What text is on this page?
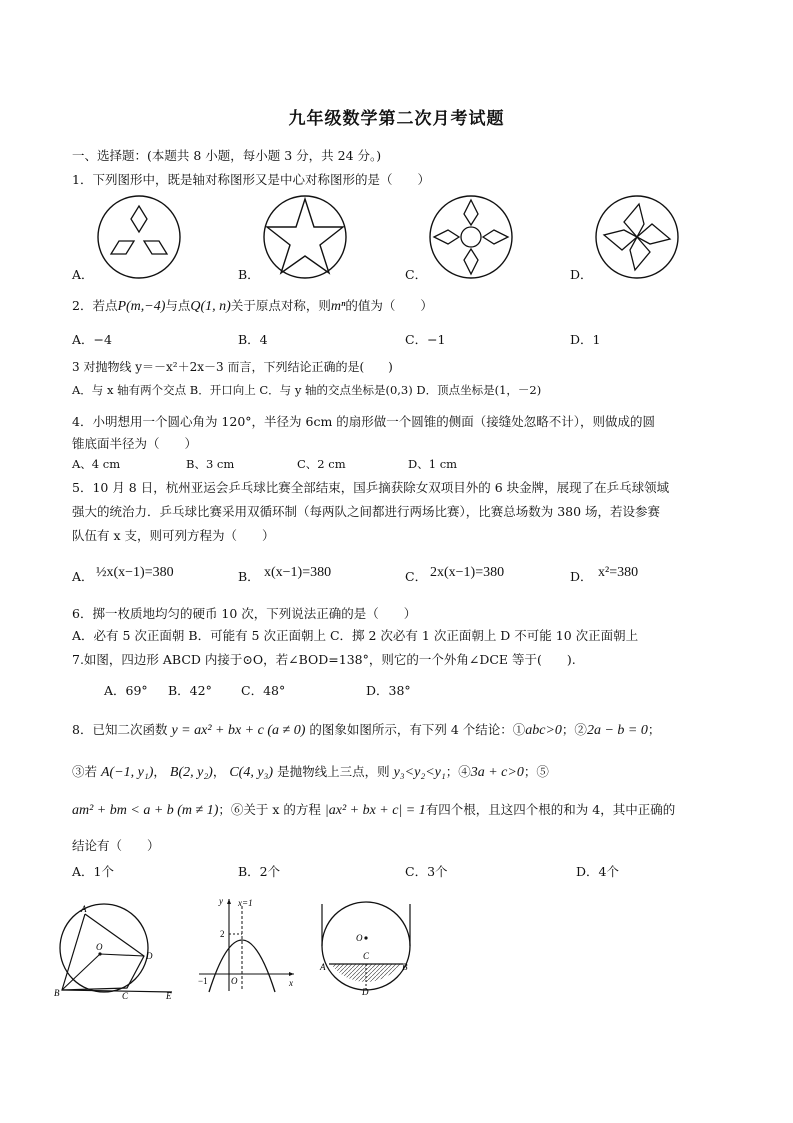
九年级数学第二次月考试题
一、选择题：(本题共 8 小题，每小题 3 分，共 24 分。)
1．下列图形中，既是轴对称图形又是中心对称图形的是（　　）
A．	B．	C．	D．
2．若点P(m,−4)与点Q(1, n)关于原点对称，则mⁿ的值为（　　）
A．−4	B．4	C．−1	D．1
3 对抛物线 y＝－x²＋2x－3 而言，下列结论正确的是(　　)
A．与 x 轴有两个交点 B．开口向上 C．与 y 轴的交点坐标是(0,3) D．顶点坐标是(1，－2)
4．小明想用一个圆心角为 120°，半径为 6cm 的扇形做一个圆锥的侧面（接缝处忽略不计），则做成的圆
锥底面半径为（　　）
A、4 cm	B、3 cm	C、2 cm	D、1 cm
5．10 月 8 日，杭州亚运会乒乓球比赛全部结束，国乒摘获除女双项目外的 6 块金牌，展现了在乒乓球领域
强大的统治力．乒乓球比赛采用双循环制（每两队之间都进行两场比赛），比赛总场数为 380 场，若设参赛
队伍有 x 支，则可列方程为（　　）
A． ½x(x−1)=380	B． x(x−1)=380	C． 2x(x−1)=380	D． x²=380
6．掷一枚质地均匀的硬币 10 次，下列说法正确的是（　　）
A．必有 5 次正面朝 B．可能有 5 次正面朝上 C．掷 2 次必有 1 次正面朝上 D 不可能 10 次正面朝上
7.如图，四边形 ABCD 内接于⊙O，若∠BOD=138°，则它的一个外角∠DCE 等于(　　).
A．69° B．42° C．48°	D．38°
8．已知二次函数 y = ax² + bx + c (a ≠ 0) 的图象如图所示，有下列 4 个结论：①abc>0；②2a − b = 0；
③若 A(−1, y₁)， B(2, y₂)， C(4, y₃) 是抛物线上三点，则 y₃<y₂<y₁；④3a + c>0；⑤
am² + bm < a + b (m ≠ 1)；⑥关于 x 的方程 |ax² + bx + c| = 1有四个根，且这四个根的和为 4，其中正确的
结论有（　　）
A．1个	B．2个	C．3个	D．4个
A
O
D
B	C	E
y x=1
2
−1	O	x
O
C
A	B
D
